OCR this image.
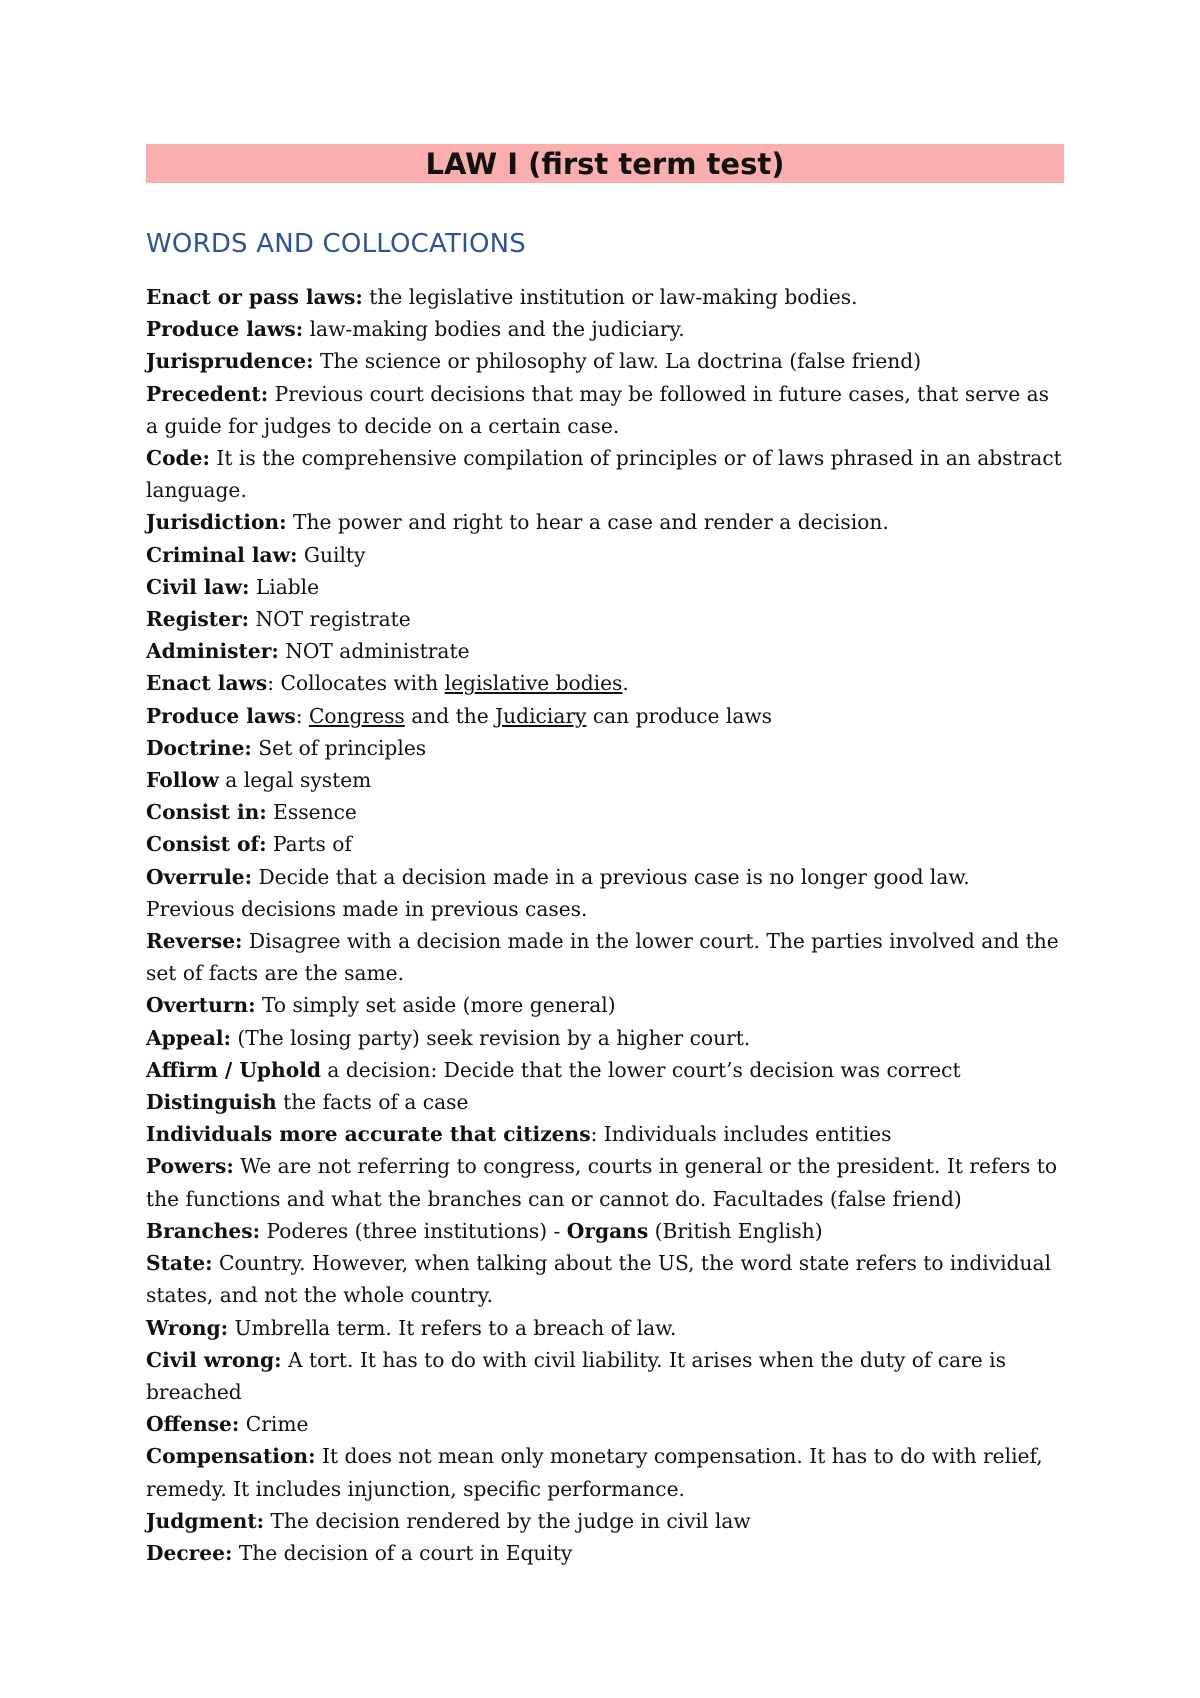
LAW I (first term test)
WORDS AND COLLOCATIONS

Enact or pass laws: the legislative institution or law-making bodies.

Produce laws: law-making bodies and the judiciary.

Jurisprudence: The science or philosophy of law. La doctrina (false friend)

Precedent: Previous court decisions that may be followed in future cases, that serve as a guide for judges to decide on a certain case.

Code: It is the comprehensive compilation of principles or of laws phrased in an abstract language.

Jurisdiction: The power and right to hear a case and render a decision.

Criminal law: Guilty

Civil law: Liable

Register: NOT registrate

Administer: NOT administrate

Enact laws: Collocates with legislative bodies.

Produce laws: Congress and the Judiciary can produce laws

Doctrine: Set of principles

Follow a legal system

Consist in: Essence

Consist of: Parts of

Overrule: Decide that a decision made in a previous case is no longer good law. Previous decisions made in previous cases.

Reverse: Disagree with a decision made in the lower court. The parties involved and the set of facts are the same.

Overturn: To simply set aside (more general)

Appeal: (The losing party) seek revision by a higher court.

Affirm / Uphold a decision: Decide that the lower court’s decision was correct

Distinguish the facts of a case

Individuals more accurate that citizens: Individuals includes entities

Powers: We are not referring to congress, courts in general or the president. It refers to the functions and what the branches can or cannot do. Facultades (false friend)

Branches: Poderes (three institutions) - Organs (British English)

State: Country. However, when talking about the US, the word state refers to individual states, and not the whole country.

Wrong: Umbrella term. It refers to a breach of law.

Civil wrong: A tort. It has to do with civil liability. It arises when the duty of care is breached

Offense: Crime

Compensation: It does not mean only monetary compensation. It has to do with relief, remedy. It includes injunction, specific performance.

Judgment: The decision rendered by the judge in civil law

Decree: The decision of a court in Equity
